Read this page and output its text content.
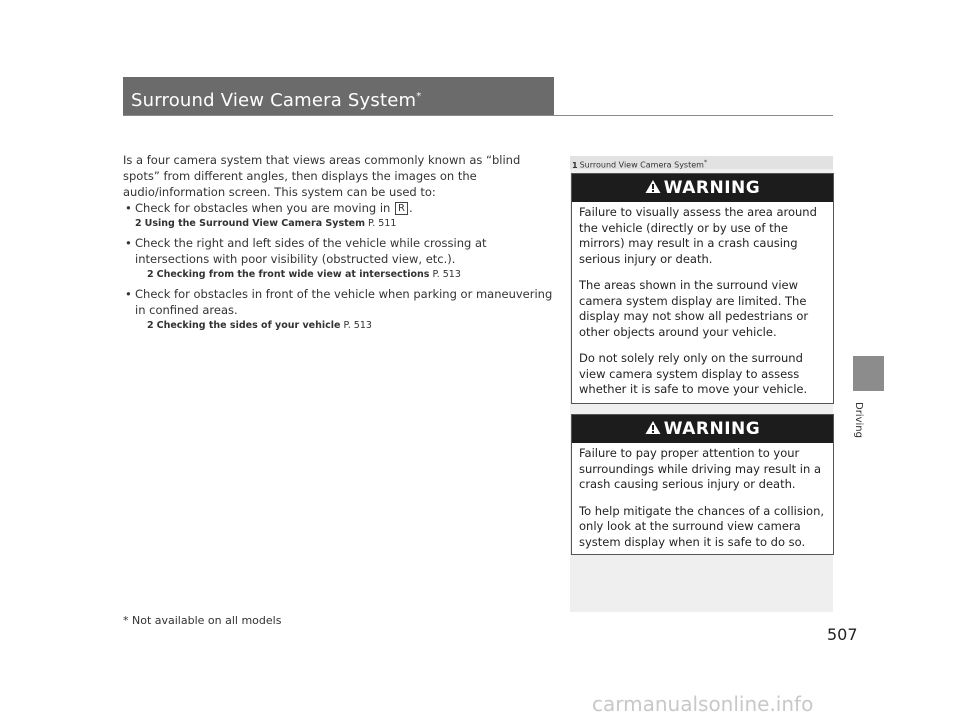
Surround View Camera System*
Driving

Is a four camera system that views areas commonly known as “blind spots” from different angles, then displays the images on the audio/information screen. This system can be used to:

• Check for obstacles when you are moving in R .
2 Using the Surround View Camera System P. 511
• Check the right and left sides of the vehicle while crossing at intersections with poor visibility (obstructed view, etc.).
2 Checking from the front wide view at intersections P. 513
• Check for obstacles in front of the vehicle when parking or maneuvering in confined areas.
2 Checking the sides of your vehicle P. 513
1 Surround View Camera System*
WARNING

Failure to visually assess the area around the vehicle (directly or by use of the mirrors) may result in a crash causing serious injury or death.

The areas shown in the surround view camera system display are limited. The display may not show all pedestrians or other objects around your vehicle.

Do not solely rely only on the surround view camera system display to assess whether it is safe to move your vehicle.

WARNING

Failure to pay proper attention to your surroundings while driving may result in a crash causing serious injury or death.

To help mitigate the chances of a collision, only look at the surround view camera system display when it is safe to do so.

* Not available on all models
507
carmanualsonline.info
